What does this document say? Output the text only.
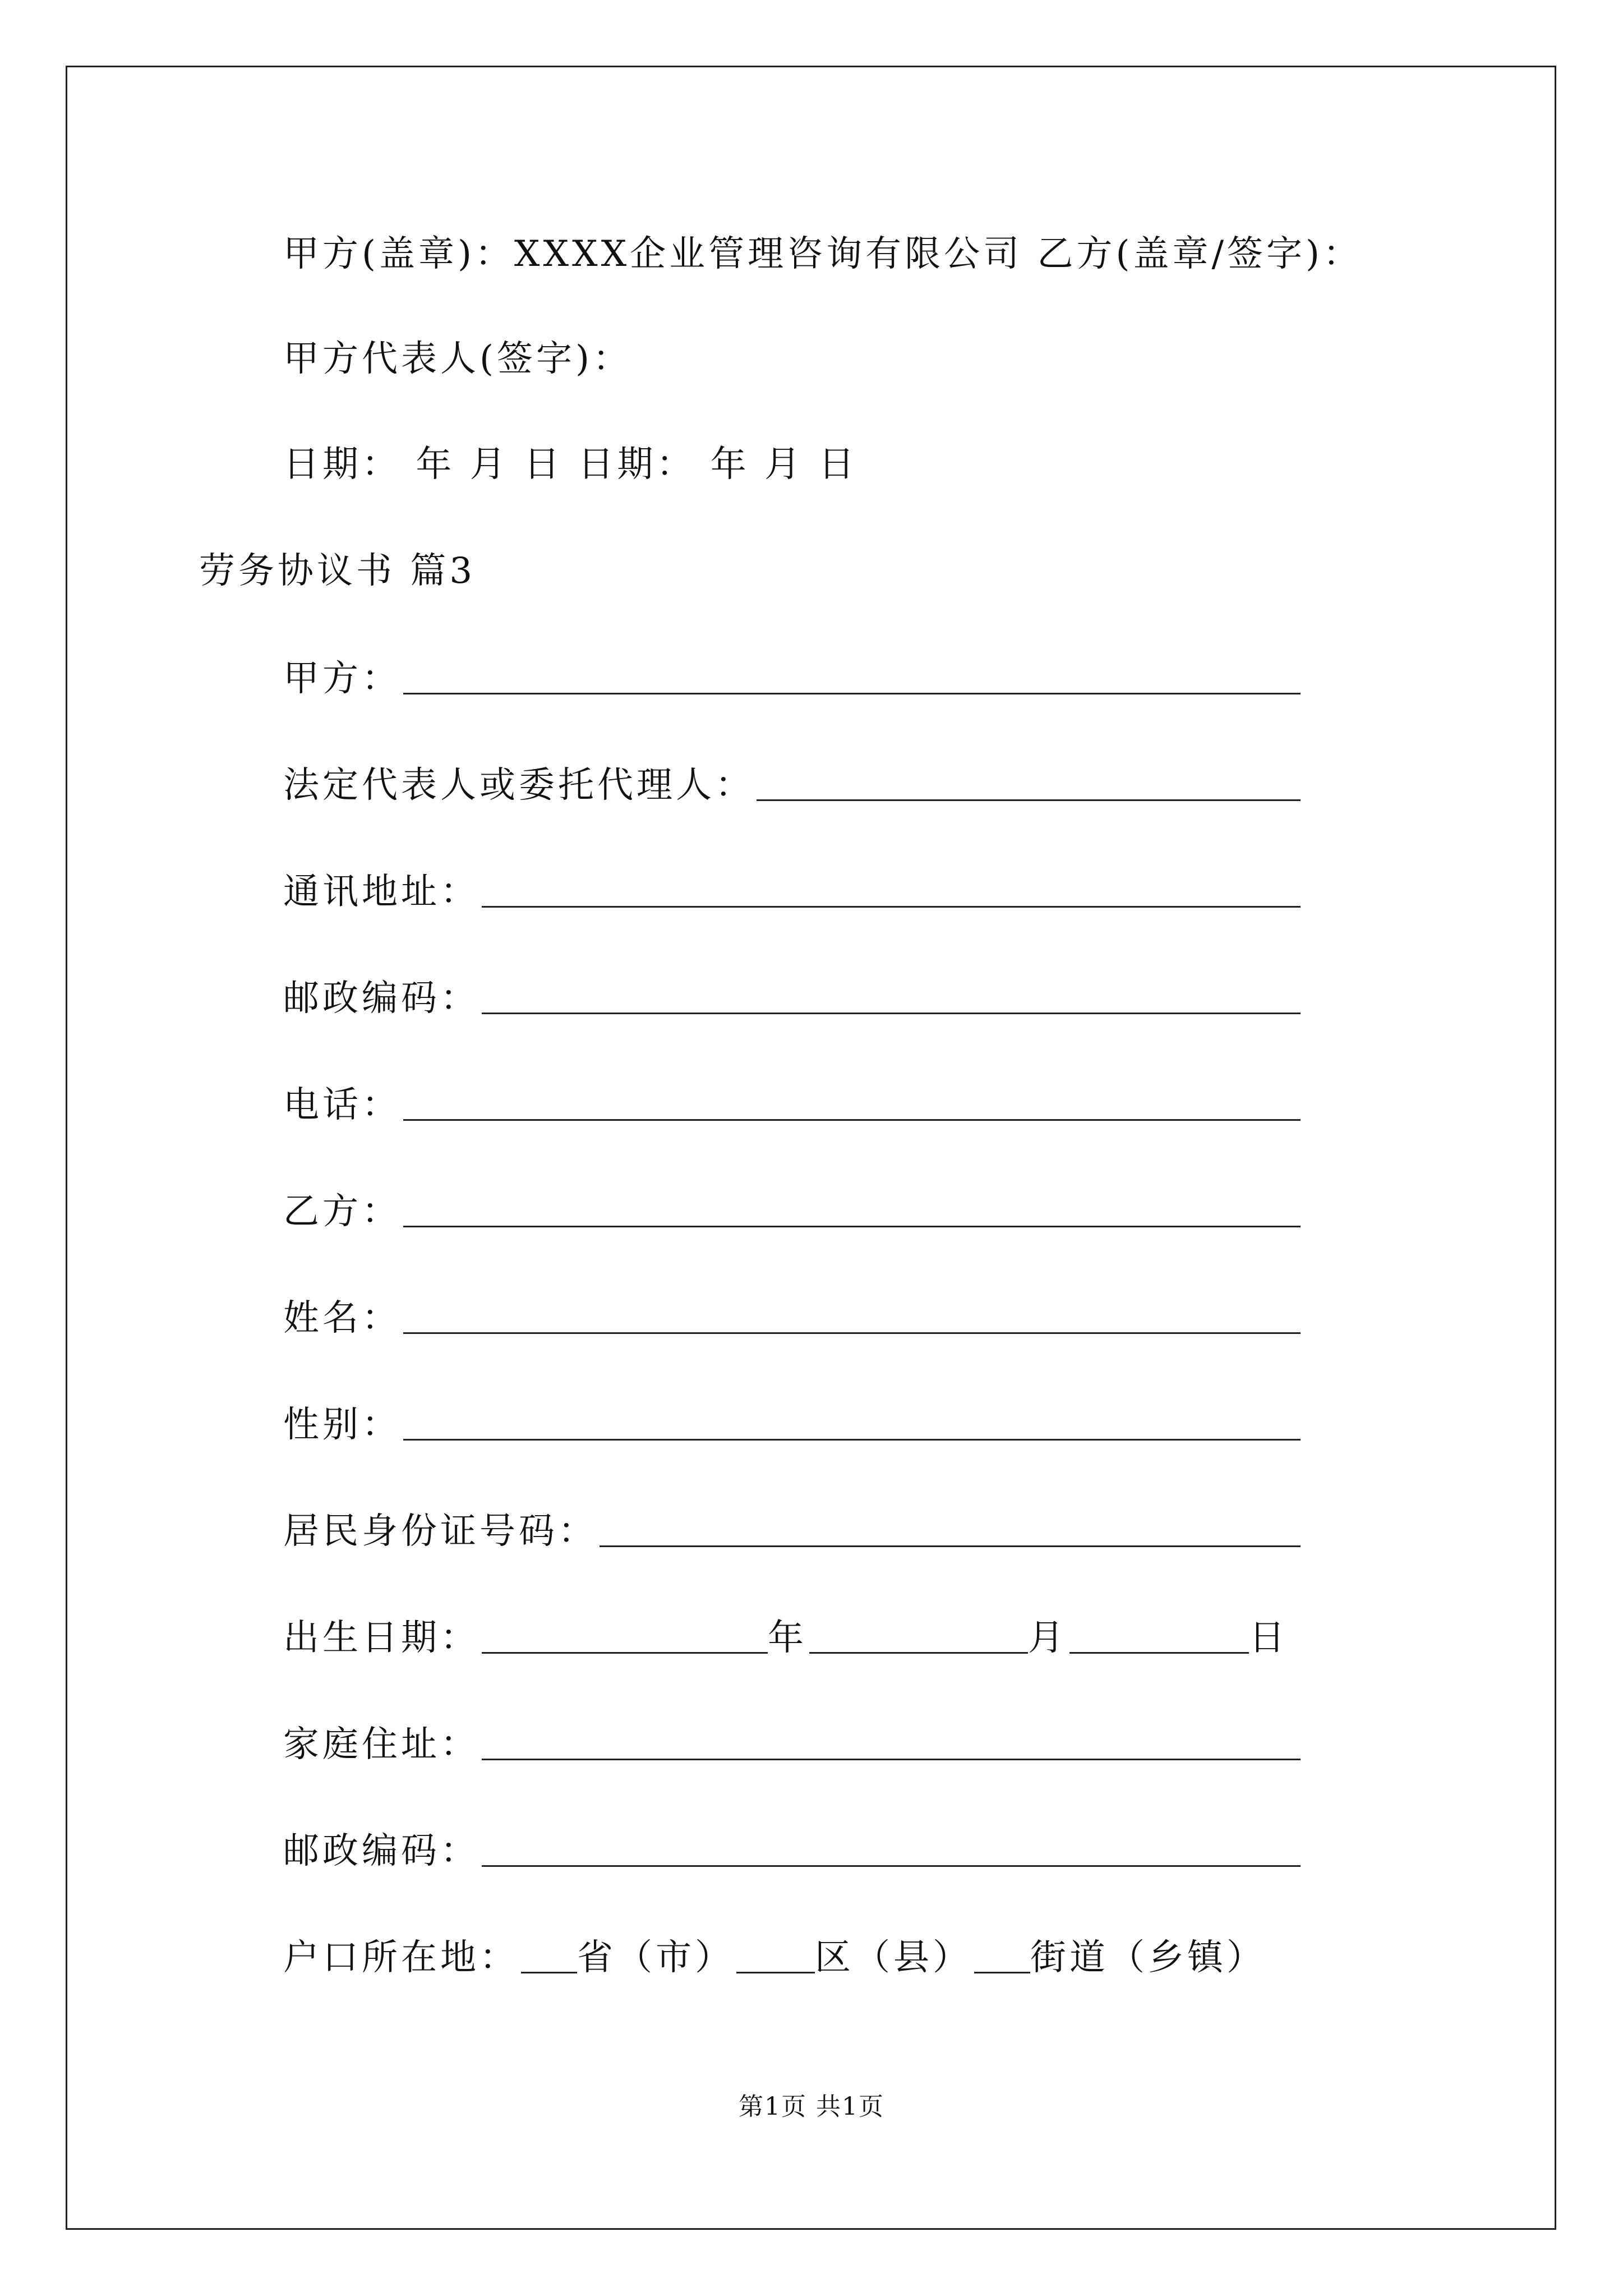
甲方(盖章)：XXXX企业管理咨询有限公司 乙方(盖章/签字)：
甲方代表人(签字)：
日期： 年 月 日 日期： 年 月 日
劳务协议书 篇3
甲方：
法定代表人或委托代理人：
通讯地址：
邮政编码：
电话：
乙方：
姓名：
性别：
居民身份证号码：
出生日期：	年	月	日
家庭住址：
邮政编码：
户口所在地： 省（市） 区（县） 街道（乡镇）
第1页 共1页
